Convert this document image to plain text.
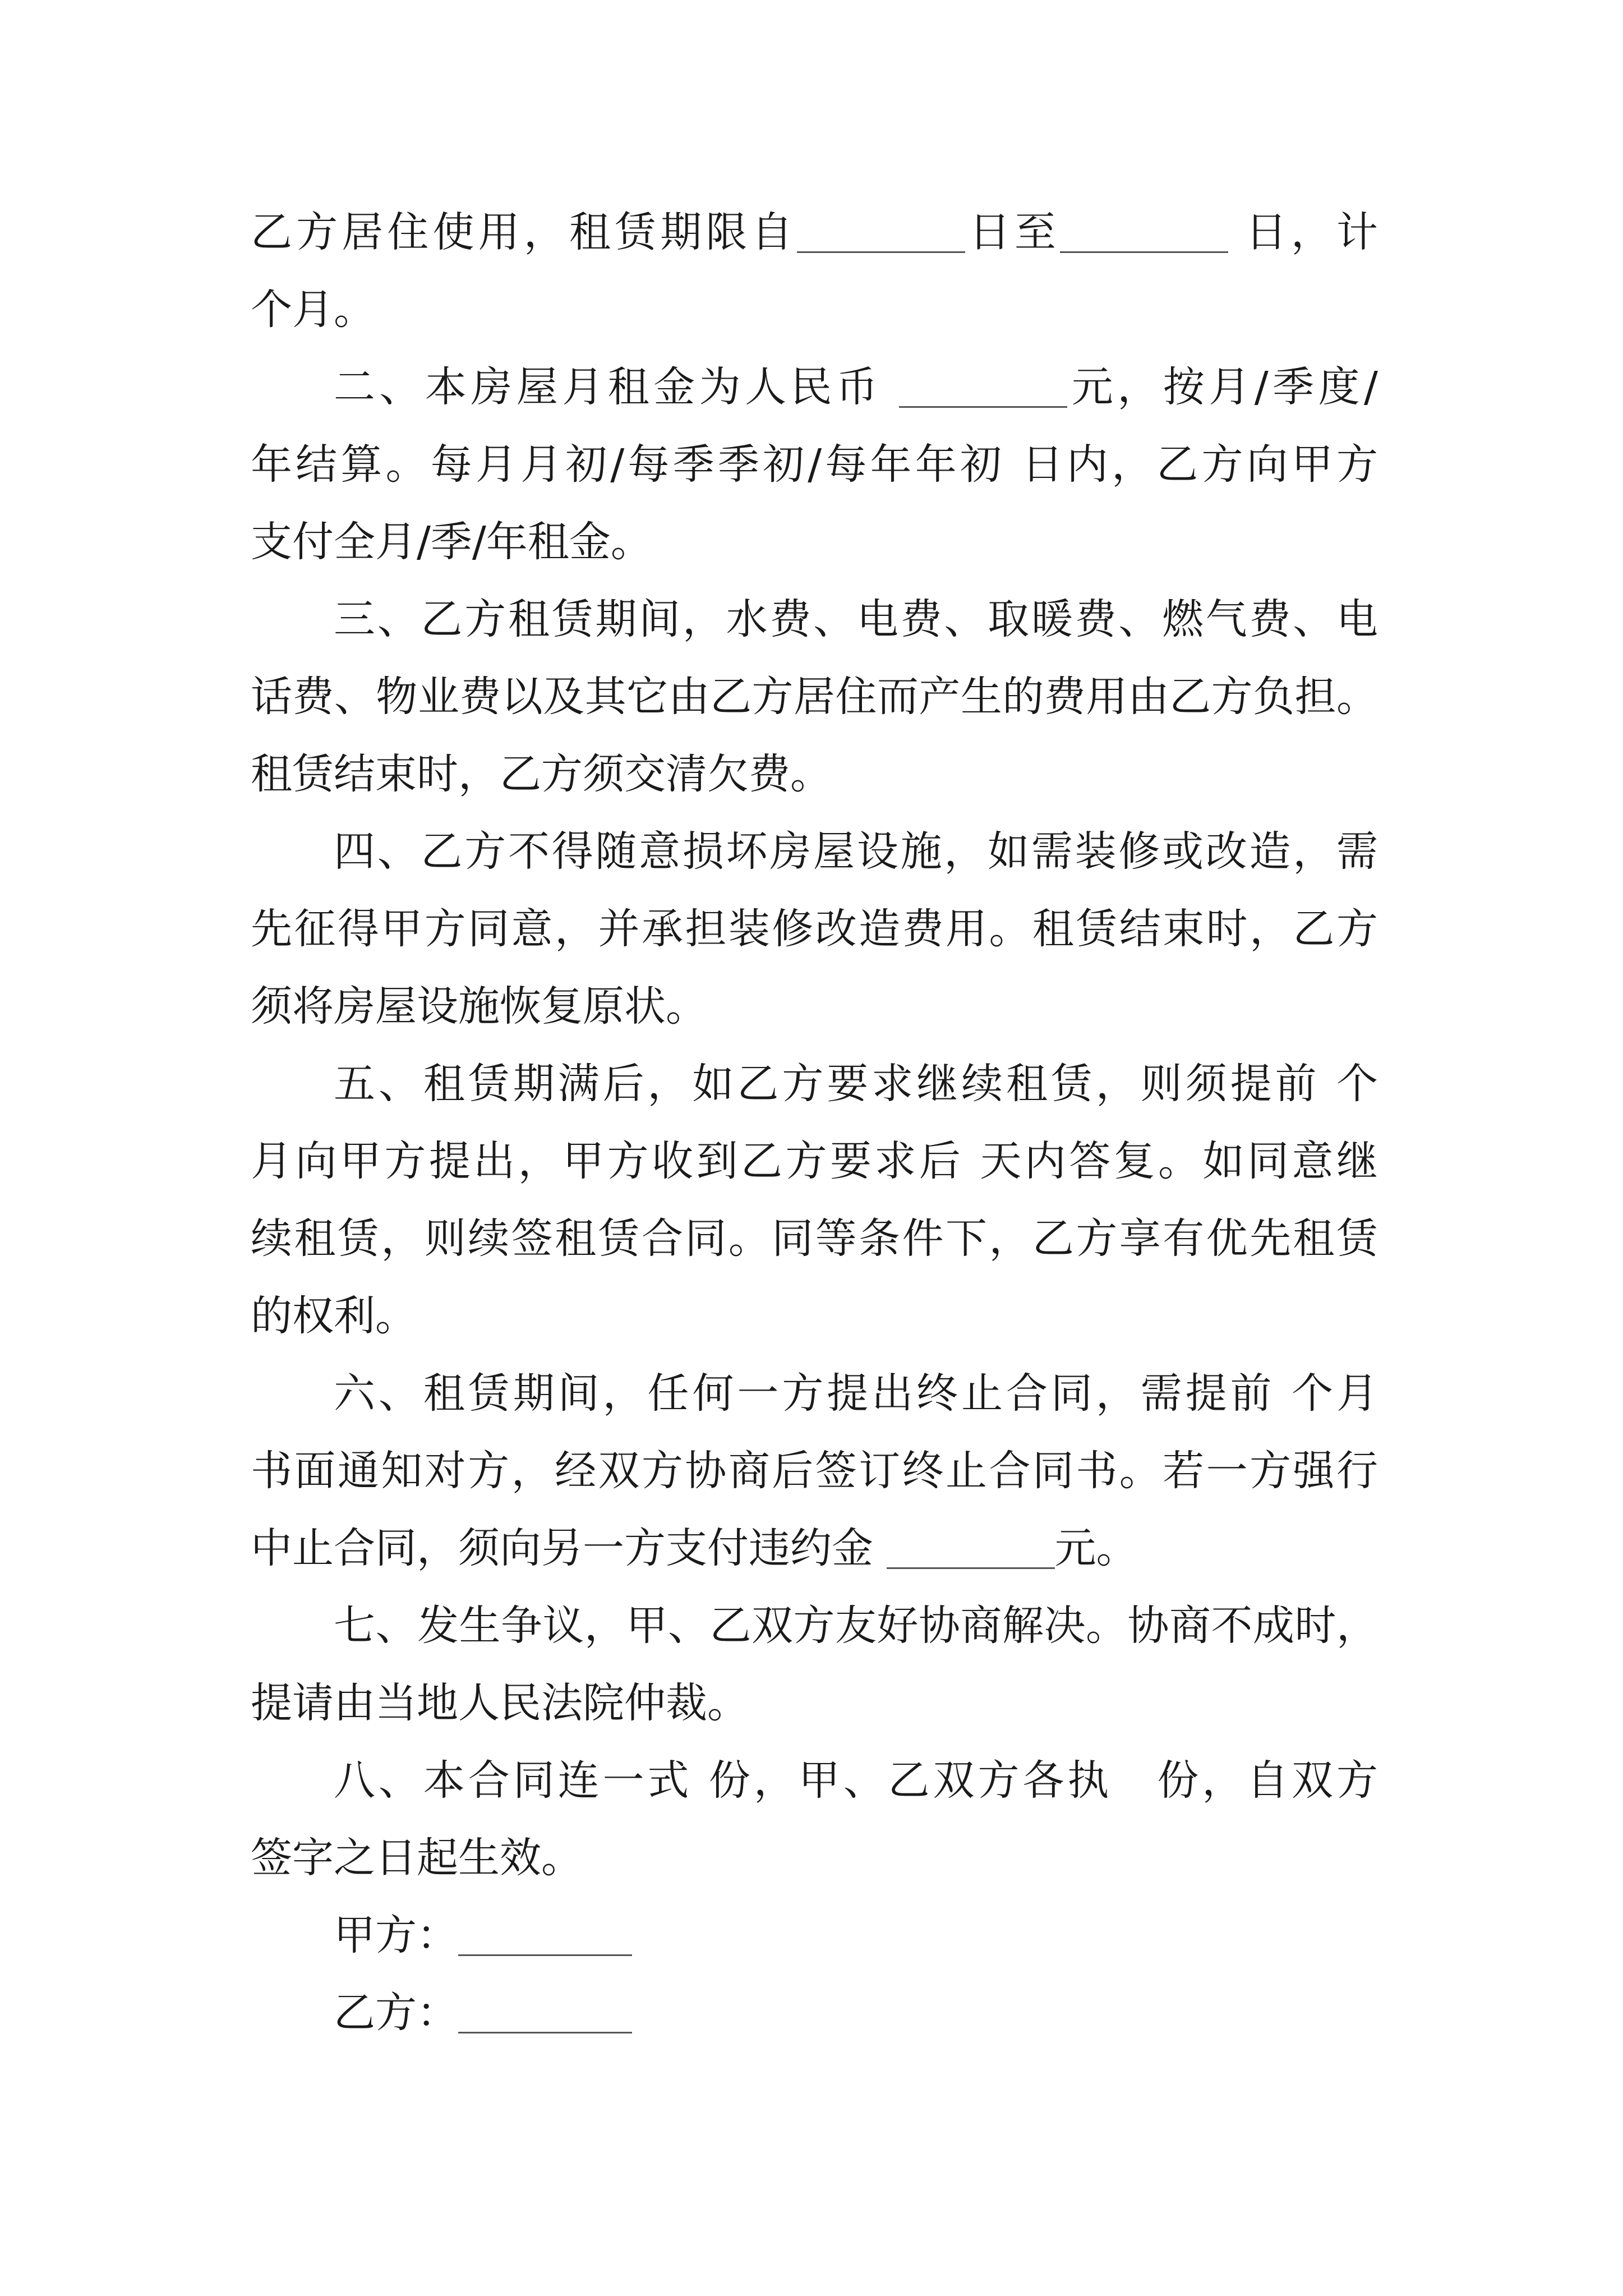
乙方居住使用，租赁期限自	日至	日，计
个月。
二、本房屋月租金为人民币	元，按月/季度/
年结算。每月月初/每季季初/每年年初 日内，乙方向甲方
支付全月/季/年租金。
三、乙方租赁期间，水费、电费、取暖费、燃气费、电
话费、物业费以及其它由乙方居住而产生的费用由乙方负担。
租赁结束时，乙方须交清欠费。
四、乙方不得随意损坏房屋设施，如需装修或改造，需
先征得甲方同意，并承担装修改造费用。租赁结束时，乙方
须将房屋设施恢复原状。
五、租赁期满后，如乙方要求继续租赁，则须提前 个
月向甲方提出，甲方收到乙方要求后 天内答复。如同意继
续租赁，则续签租赁合同。同等条件下，乙方享有优先租赁
的权利。
六、租赁期间，任何一方提出终止合同，需提前 个月
书面通知对方，经双方协商后签订终止合同书。若一方强行
中止合同，须向另一方支付违约金	元。
七、发生争议，甲、乙双方友好协商解决。协商不成时，
提请由当地人民法院仲裁。
八、本合同连一式 份，甲、乙双方各执 份，自双方
签字之日起生效。
甲方：
乙方：
